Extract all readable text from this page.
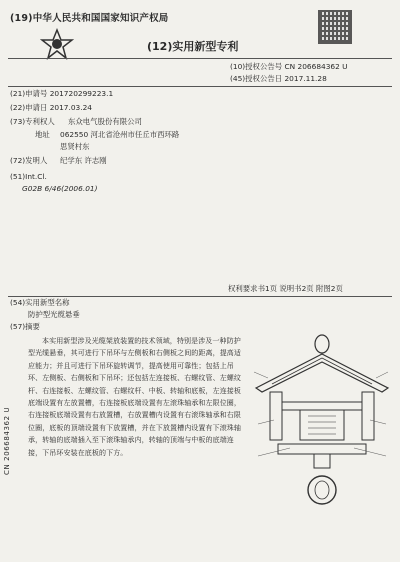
(19)中华人民共和国国家知识产权局
(12)实用新型专利
(10)授权公告号 CN 206684362 U
(45)授权公告日 2017.11.28
(21)申请号 201720299223.1
(22)申请日 2017.03.24
(73)专利权人 东众电气股份有限公司
地址 062550 河北省沧州市任丘市西环路
思贤村东
(72)发明人 纪学东 许志刚
(51)Int.Cl.
G02B 6/46(2006.01)
权利要求书1页 说明书2页 附图2页
(54)实用新型名称
防护型光缆悬垂
(57)摘要
本实用新型涉及光缆架放装置的技术领域，特别是涉及一种防护型光缆悬垂，其可进行下吊环与左侧板和右侧板之间的距离，提高适应能力；并且可进行下吊环旋转调节，提高使用可靠性；包括上吊环、左侧板、右侧板和下吊环；还包括左连接板、右螺纹管、左螺纹杆、右连接板、左螺纹管、右螺纹杆、中板、转轴和底板，左连接板底端设置有左放置槽，右连接板底端设置有左滚珠轴承和左限位圈，右连接板底端设置有右放置槽，右放置槽内设置有右滚珠轴承和右限位圈，底板的顶端设置有下放置槽，并在下放置槽内设置有下滚珠轴承，转轴的底端插入至下滚珠轴承内，转轴的顶端与中板的底端连接，下吊环安装在底板的下方。
CN 206684362 U
